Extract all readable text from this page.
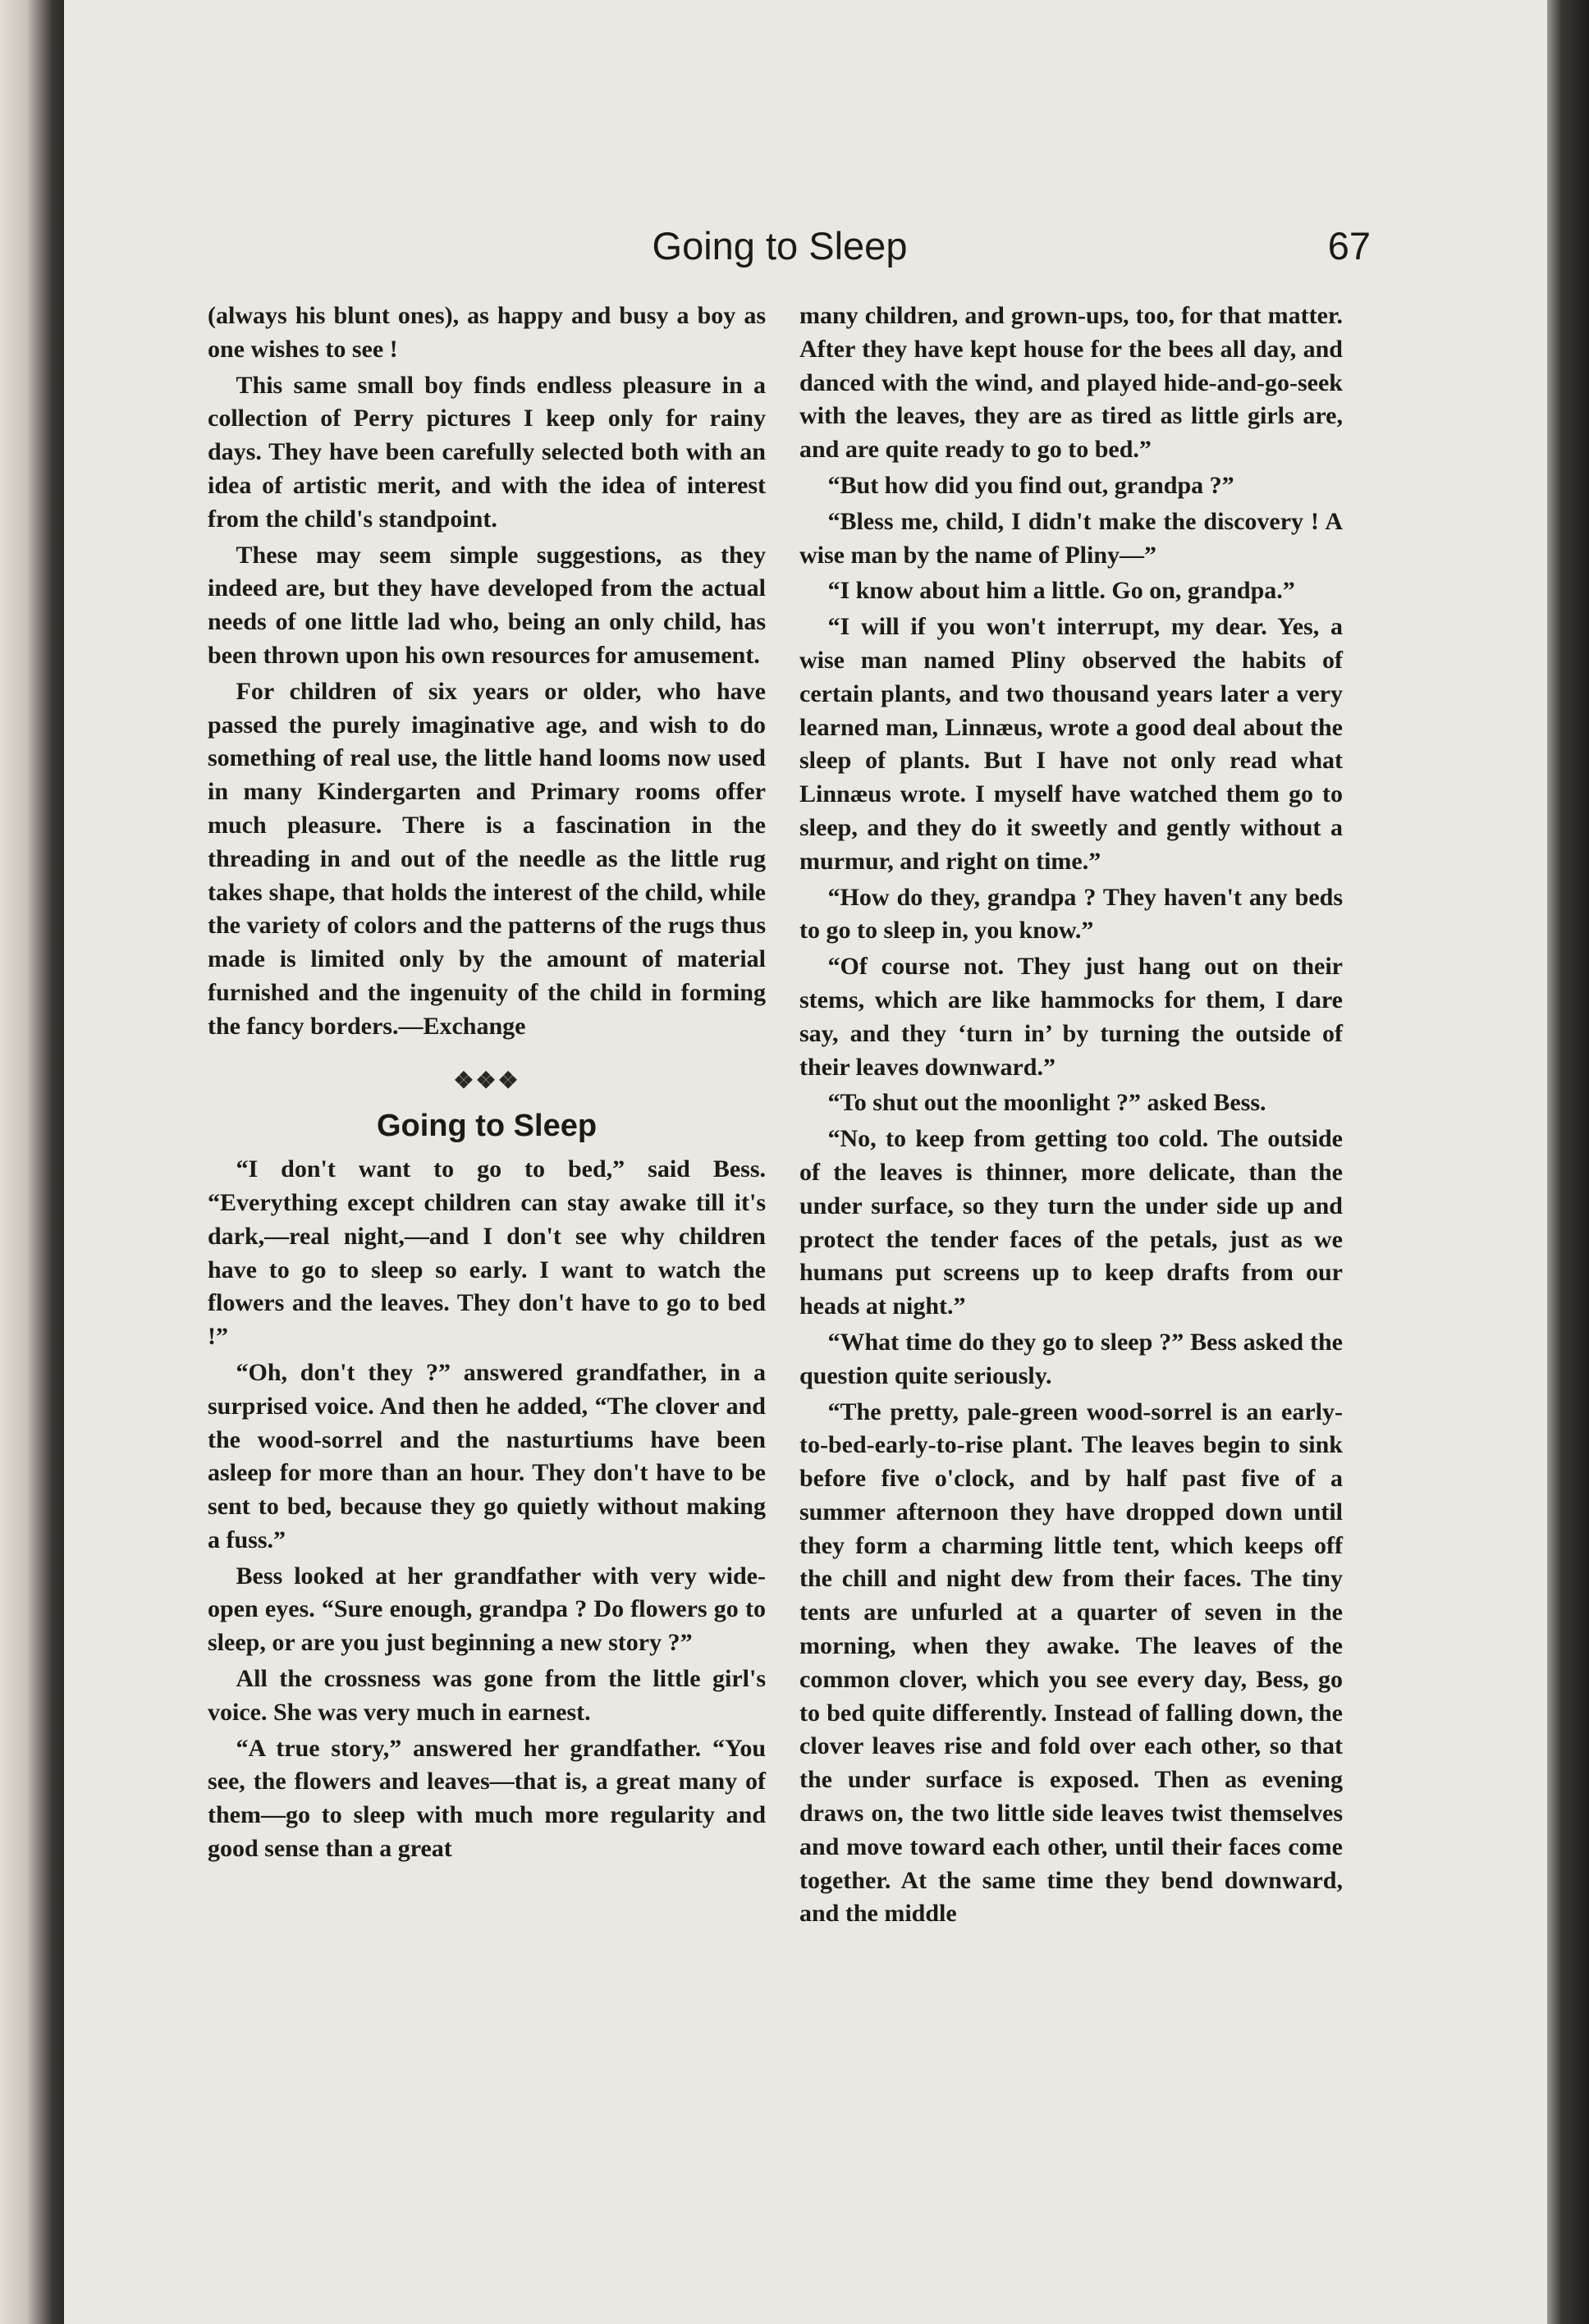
Going to Sleep	67

(always his blunt ones), as happy and busy a boy as one wishes to see !

This same small boy finds endless pleasure in a collection of Perry pictures I keep only for rainy days. They have been carefully selected both with an idea of artistic merit, and with the idea of interest from the child's standpoint.

These may seem simple suggestions, as they indeed are, but they have developed from the actual needs of one little lad who, being an only child, has been thrown upon his own resources for amusement.

For children of six years or older, who have passed the purely imaginative age, and wish to do something of real use, the little hand looms now used in many Kindergarten and Primary rooms offer much pleasure. There is a fascination in the threading in and out of the needle as the little rug takes shape, that holds the interest of the child, while the variety of colors and the patterns of the rugs thus made is limited only by the amount of material furnished and the ingenuity of the child in forming the fancy borders.—Exchange

❖❖❖
Going to Sleep

“I don't want to go to bed,” said Bess. “Everything except children can stay awake till it's dark,—real night,—and I don't see why children have to go to sleep so early. I want to watch the flowers and the leaves. They don't have to go to bed !”

“Oh, don't they ?” answered grandfather, in a surprised voice. And then he added, “The clover and the wood-sorrel and the nasturtiums have been asleep for more than an hour. They don't have to be sent to bed, because they go quietly without making a fuss.”

Bess looked at her grandfather with very wide-open eyes. “Sure enough, grandpa ? Do flowers go to sleep, or are you just beginning a new story ?”

All the crossness was gone from the little girl's voice. She was very much in earnest.

“A true story,” answered her grandfather. “You see, the flowers and leaves—that is, a great many of them—go to sleep with much more regularity and good sense than a great

many children, and grown-ups, too, for that matter. After they have kept house for the bees all day, and danced with the wind, and played hide-and-go-seek with the leaves, they are as tired as little girls are, and are quite ready to go to bed.”

“But how did you find out, grandpa ?”

“Bless me, child, I didn't make the discovery ! A wise man by the name of Pliny—”

“I know about him a little. Go on, grandpa.”

“I will if you won't interrupt, my dear. Yes, a wise man named Pliny observed the habits of certain plants, and two thousand years later a very learned man, Linnæus, wrote a good deal about the sleep of plants. But I have not only read what Linnæus wrote. I myself have watched them go to sleep, and they do it sweetly and gently without a murmur, and right on time.”

“How do they, grandpa ? They haven't any beds to go to sleep in, you know.”

“Of course not. They just hang out on their stems, which are like hammocks for them, I dare say, and they ‘turn in’ by turning the outside of their leaves downward.”

“To shut out the moonlight ?” asked Bess.

“No, to keep from getting too cold. The outside of the leaves is thinner, more delicate, than the under surface, so they turn the under side up and protect the tender faces of the petals, just as we humans put screens up to keep drafts from our heads at night.”

“What time do they go to sleep ?” Bess asked the question quite seriously.

“The pretty, pale-green wood-sorrel is an early-to-bed-early-to-rise plant. The leaves begin to sink before five o'clock, and by half past five of a summer afternoon they have dropped down until they form a charming little tent, which keeps off the chill and night dew from their faces. The tiny tents are unfurled at a quarter of seven in the morning, when they awake. The leaves of the common clover, which you see every day, Bess, go to bed quite differently. Instead of falling down, the clover leaves rise and fold over each other, so that the under surface is exposed. Then as evening draws on, the two little side leaves twist themselves and move toward each other, until their faces come together. At the same time they bend downward, and the middle
